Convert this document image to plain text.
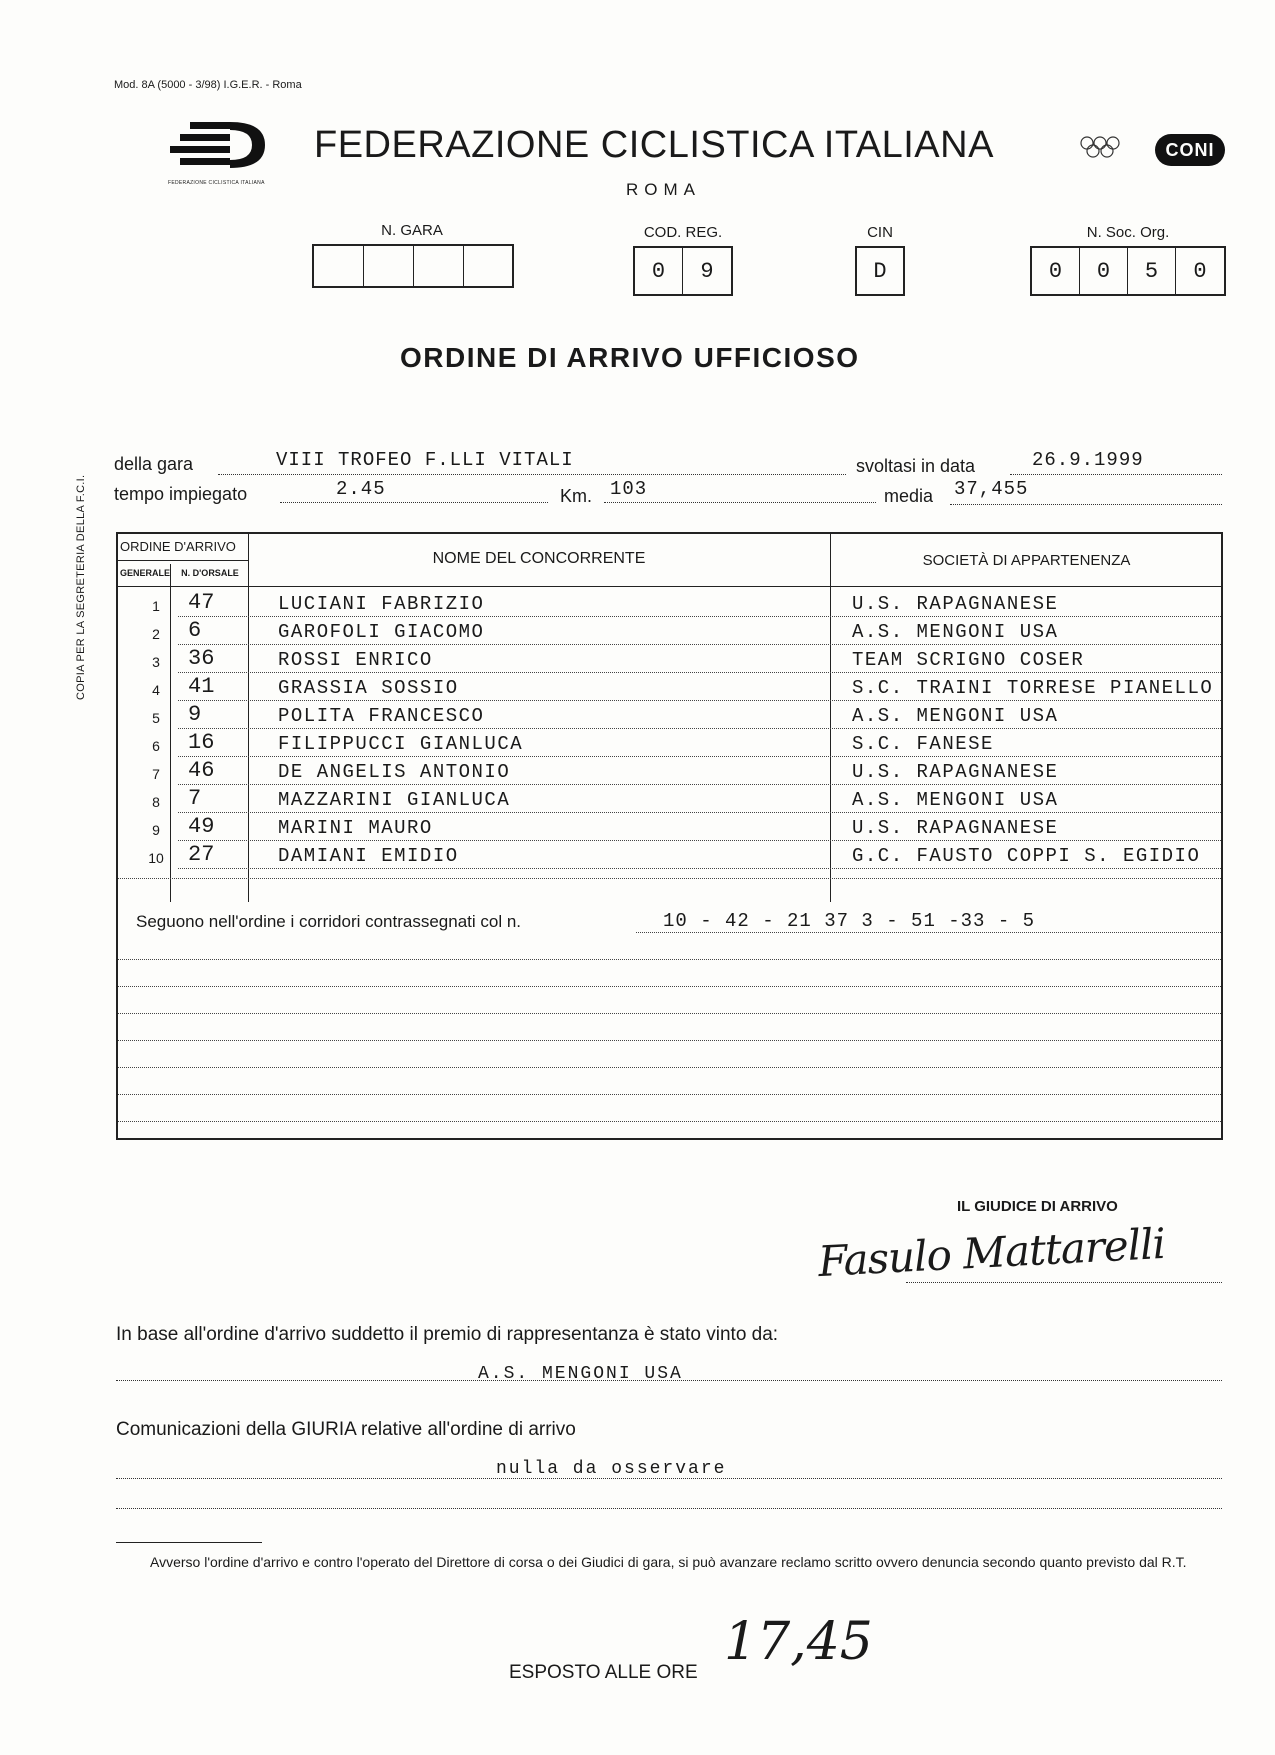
Mod. 8A (5000 - 3/98) I.G.E.R. - Roma
FEDERAZIONE CICLISTICA ITALIANA
FEDERAZIONE CICLISTICA ITALIANA
ROMA
CONI
N. GARA	COD. REG.
0	9
CIN
D
N. Soc. Org.
0	0	5	0
ORDINE DI ARRIVO UFFICIOSO
della gara	VIII TROFEO F.LLI VITALI	svoltasi in data	26.9.1999
tempo impiegato	2.45	Km. 103	media 37,455
ORDINE D'ARRIVO
GENERALE	N. D'ORSALE
NOME DEL CONCORRENTE	SOCIETÀ DI APPARTENENZA
1 47	LUCIANI FABRIZIO	U.S. RAPAGNANESE
2 6	GAROFOLI GIACOMO	A.S. MENGONI USA
3 36	ROSSI ENRICO	TEAM SCRIGNO COSER
4 41	GRASSIA SOSSIO	S.C. TRAINI TORRESE PIANELLO
5 9	POLITA FRANCESCO	A.S. MENGONI USA
6 16	FILIPPUCCI GIANLUCA	S.C. FANESE
7 46	DE ANGELIS ANTONIO	U.S. RAPAGNANESE
8 7	MAZZARINI GIANLUCA	A.S. MENGONI USA
9 49	MARINI MAURO	U.S. RAPAGNANESE
10 27	DAMIANI EMIDIO	G.C. FAUSTO COPPI S. EGIDIO
Seguono nell'ordine i corridori contrassegnati col n.	10 - 42 - 21 37 3 - 51 -33 - 5
COPIA PER LA SEGRETERIA DELLA F.C.I.
IL GIUDICE DI ARRIVO
Fasulo Mattarelli
In base all'ordine d'arrivo suddetto il premio di rappresentanza è stato vinto da:
A.S. MENGONI USA
Comunicazioni della GIURIA relative all'ordine di arrivo
nulla da osservare
Avverso l'ordine d'arrivo e contro l'operato del Direttore di corsa o dei Giudici di gara, si può avanzare reclamo scritto ovvero denuncia secondo quanto previsto dal R.T.
ESPOSTO ALLE ORE
17,45
